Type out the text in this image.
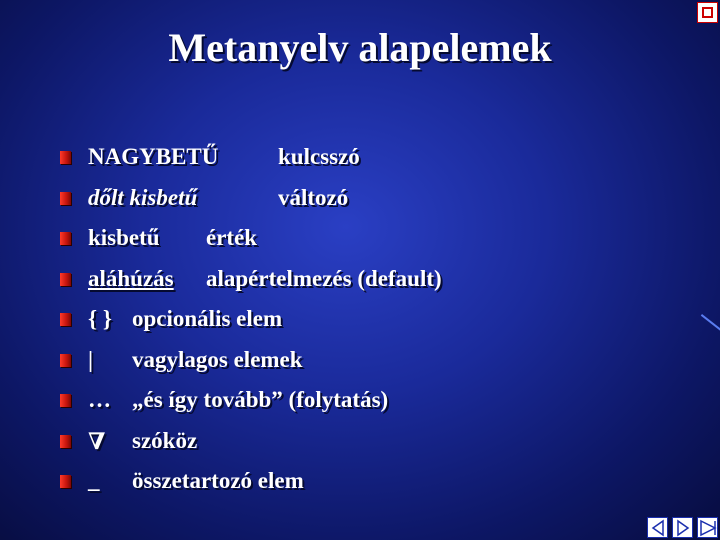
Metanyelv alapelemek
NAGYBETŰ	kulcsszó
dőlt kisbetű	változó
kisbetű érték
aláhúzás alapértelmezés (default)
{ } opcionális elem
| vagylagos elemek
… „és így tovább” (folytatás)
∇ szóköz
_ összetartozó elem
